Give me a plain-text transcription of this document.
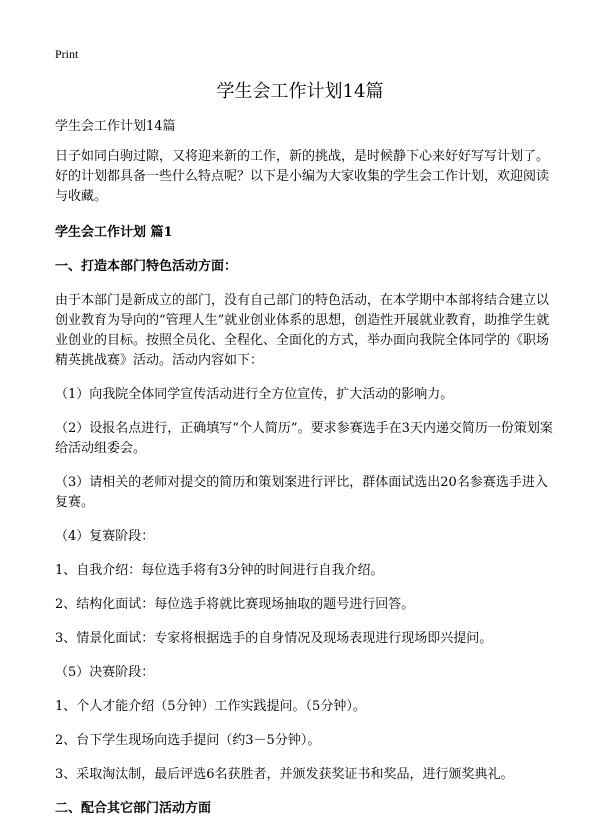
Print
学生会工作计划14篇

学生会工作计划14篇

日子如同白驹过隙，又将迎来新的工作，新的挑战，是时候静下心来好好写写计划了。好的计划都具备一些什么特点呢？以下是小编为大家收集的学生会工作计划，欢迎阅读与收藏。

学生会工作计划 篇1

一、打造本部门特色活动方面：

由于本部门是新成立的部门，没有自己部门的特色活动，在本学期中本部将结合建立以创业教育为导向的“管理人生”就业创业体系的思想，创造性开展就业教育，助推学生就业创业的目标。按照全员化、全程化、全面化的方式，举办面向我院全体同学的《职场精英挑战赛》活动。活动内容如下：

（1）向我院全体同学宣传活动进行全方位宣传，扩大活动的影响力。

（2）设报名点进行，正确填写“个人简历”。要求参赛选手在3天内递交简历一份策划案给活动组委会。

（3）请相关的老师对提交的简历和策划案进行评比，群体面试选出20名参赛选手进入复赛。

（4）复赛阶段：

1、自我介绍：每位选手将有3分钟的时间进行自我介绍。

2、结构化面试：每位选手将就比赛现场抽取的题号进行回答。

3、情景化面试：专家将根据选手的自身情况及现场表现进行现场即兴提问。

（5）决赛阶段：

1、个人才能介绍（5分钟）工作实践提问。（5分钟）。

2、台下学生现场向选手提问（约3－5分钟）。

3、采取淘汰制，最后评选6名获胜者，并颁发获奖证书和奖品，进行颁奖典礼。

二、配合其它部门活动方面
